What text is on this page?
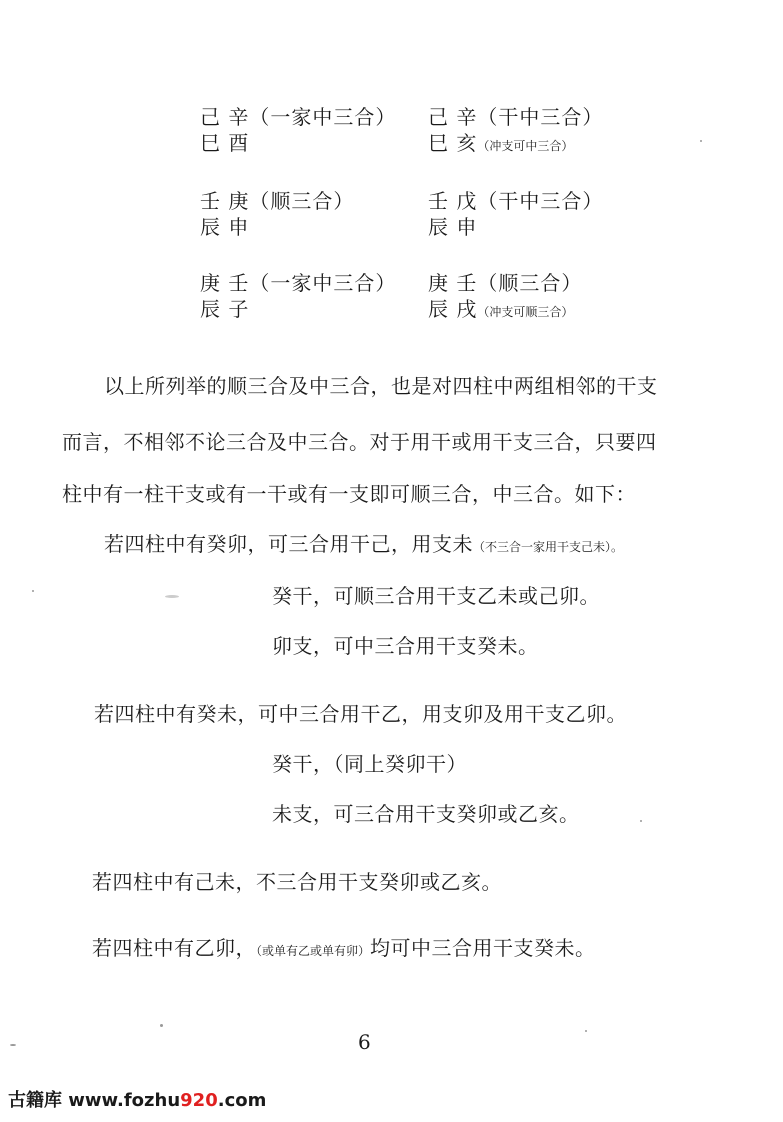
己 辛（一家中三合）
巳 酉
己 辛（干中三合）
巳 亥（冲支可中三合）
壬 庚（顺三合）
辰 申
壬 戊（干中三合）
辰 申
庚 壬（一家中三合）
辰 子
庚 壬（顺三合）
辰 戌（冲支可顺三合）
以上所列举的顺三合及中三合，也是对四柱中两组相邻的干支
而言，不相邻不论三合及中三合。对于用干或用干支三合，只要四
柱中有一柱干支或有一干或有一支即可顺三合，中三合。如下：
若四柱中有癸卯，可三合用干己，用支未（不三合一家用干支己未）。
癸干，可顺三合用干支乙未或己卯。
卯支，可中三合用干支癸未。
若四柱中有癸未，可中三合用干乙，用支卯及用干支乙卯。
癸干，（同上癸卯干）
未支，可三合用干支癸卯或乙亥。
若四柱中有己未，不三合用干支癸卯或乙亥。
若四柱中有乙卯，（或单有乙或单有卯）均可中三合用干支癸未。
6
古籍库 www.fozhu920.com
